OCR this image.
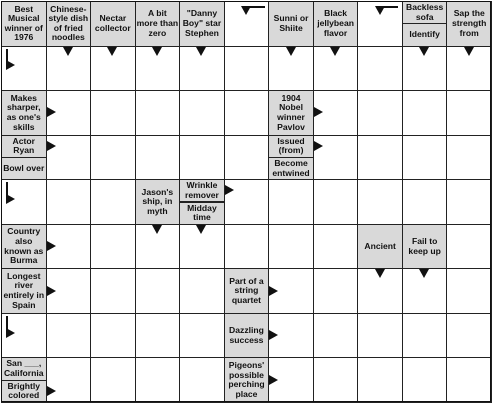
Best Musical winner of 1976
Chinese-style dish of fried noodles
Nectar collector
A bit more than zero
"Danny Boy" star Stephen
Sunni or Shiite
Black jellybean flavor
Backless sofa
Identify
Sap the strength from
Makes sharper, as one's skills
1904 Nobel winner Pavlov
Actor Ryan
Bowl over
Issued (from)
Become entwined
Jason's ship, in myth
Wrinkle remover
Midday time
Country also known as Burma
Ancient	Fail to keep up
Longest river entirely in Spain
Part of a string quartet
Dazzling success
San ___, California
Brightly colored
Pigeons' possible perching place
